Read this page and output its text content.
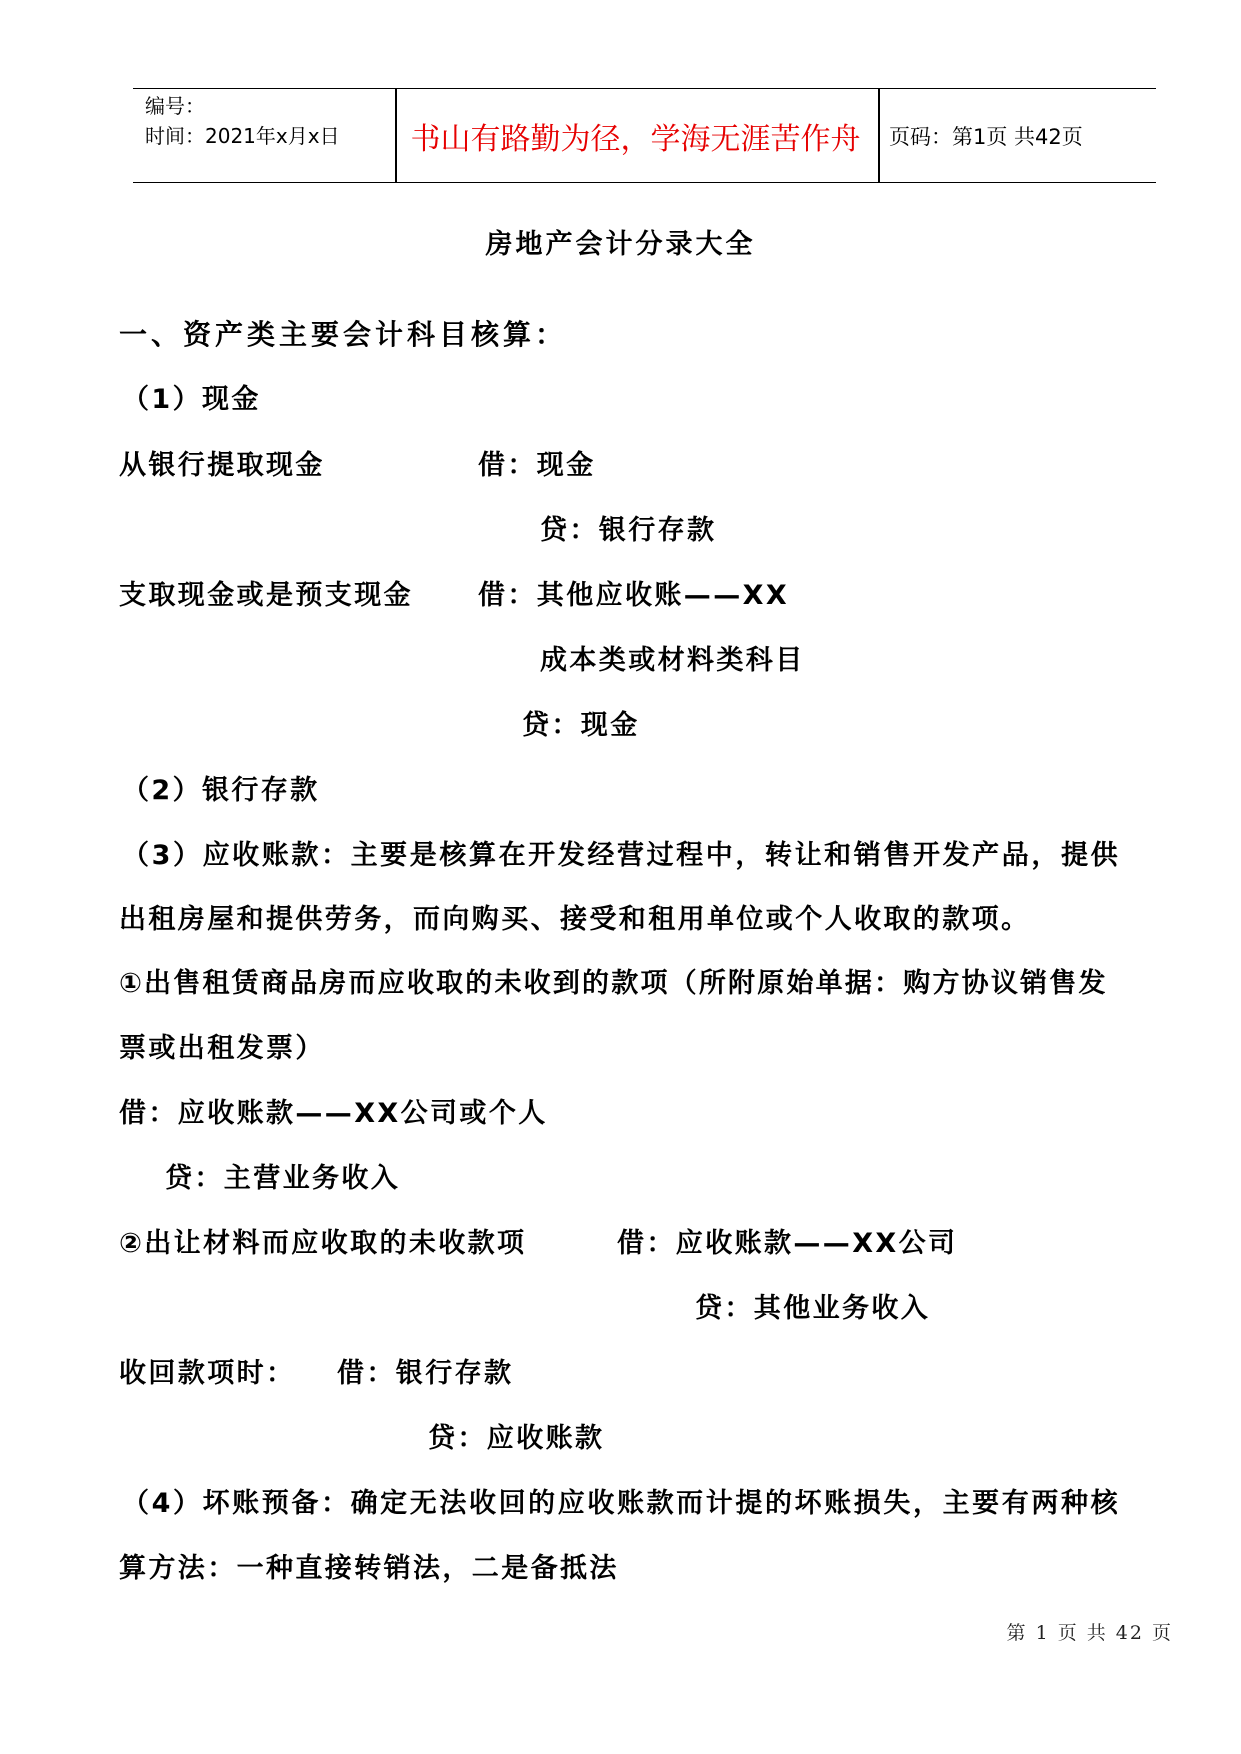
编号：
时间：2021年x月x日	书山有路勤为径，学海无涯苦作舟	页码：第1页 共42页
房地产会计分录大全
一、资产类主要会计科目核算：
（1）现金
从银行提取现金	借：现金
贷：银行存款
支取现金或是预支现金 借：其他应收账——XX
成本类或材料类科目
贷：现金
（2）银行存款
（3）应收账款：主要是核算在开发经营过程中，转让和销售开发产品，提供
出租房屋和提供劳务，而向购买、接受和租用单位或个人收取的款项。
①出售租赁商品房而应收取的未收到的款项（所附原始单据：购方协议销售发
票或出租发票）
借：应收账款——XX公司或个人
贷：主营业务收入
②出让材料而应收取的未收款项	借：应收账款——XX公司
贷：其他业务收入
收回款项时： 借：银行存款
贷：应收账款
（4）坏账预备：确定无法收回的应收账款而计提的坏账损失，主要有两种核
算方法：一种直接转销法，二是备抵法
第 1 页 共 42 页
